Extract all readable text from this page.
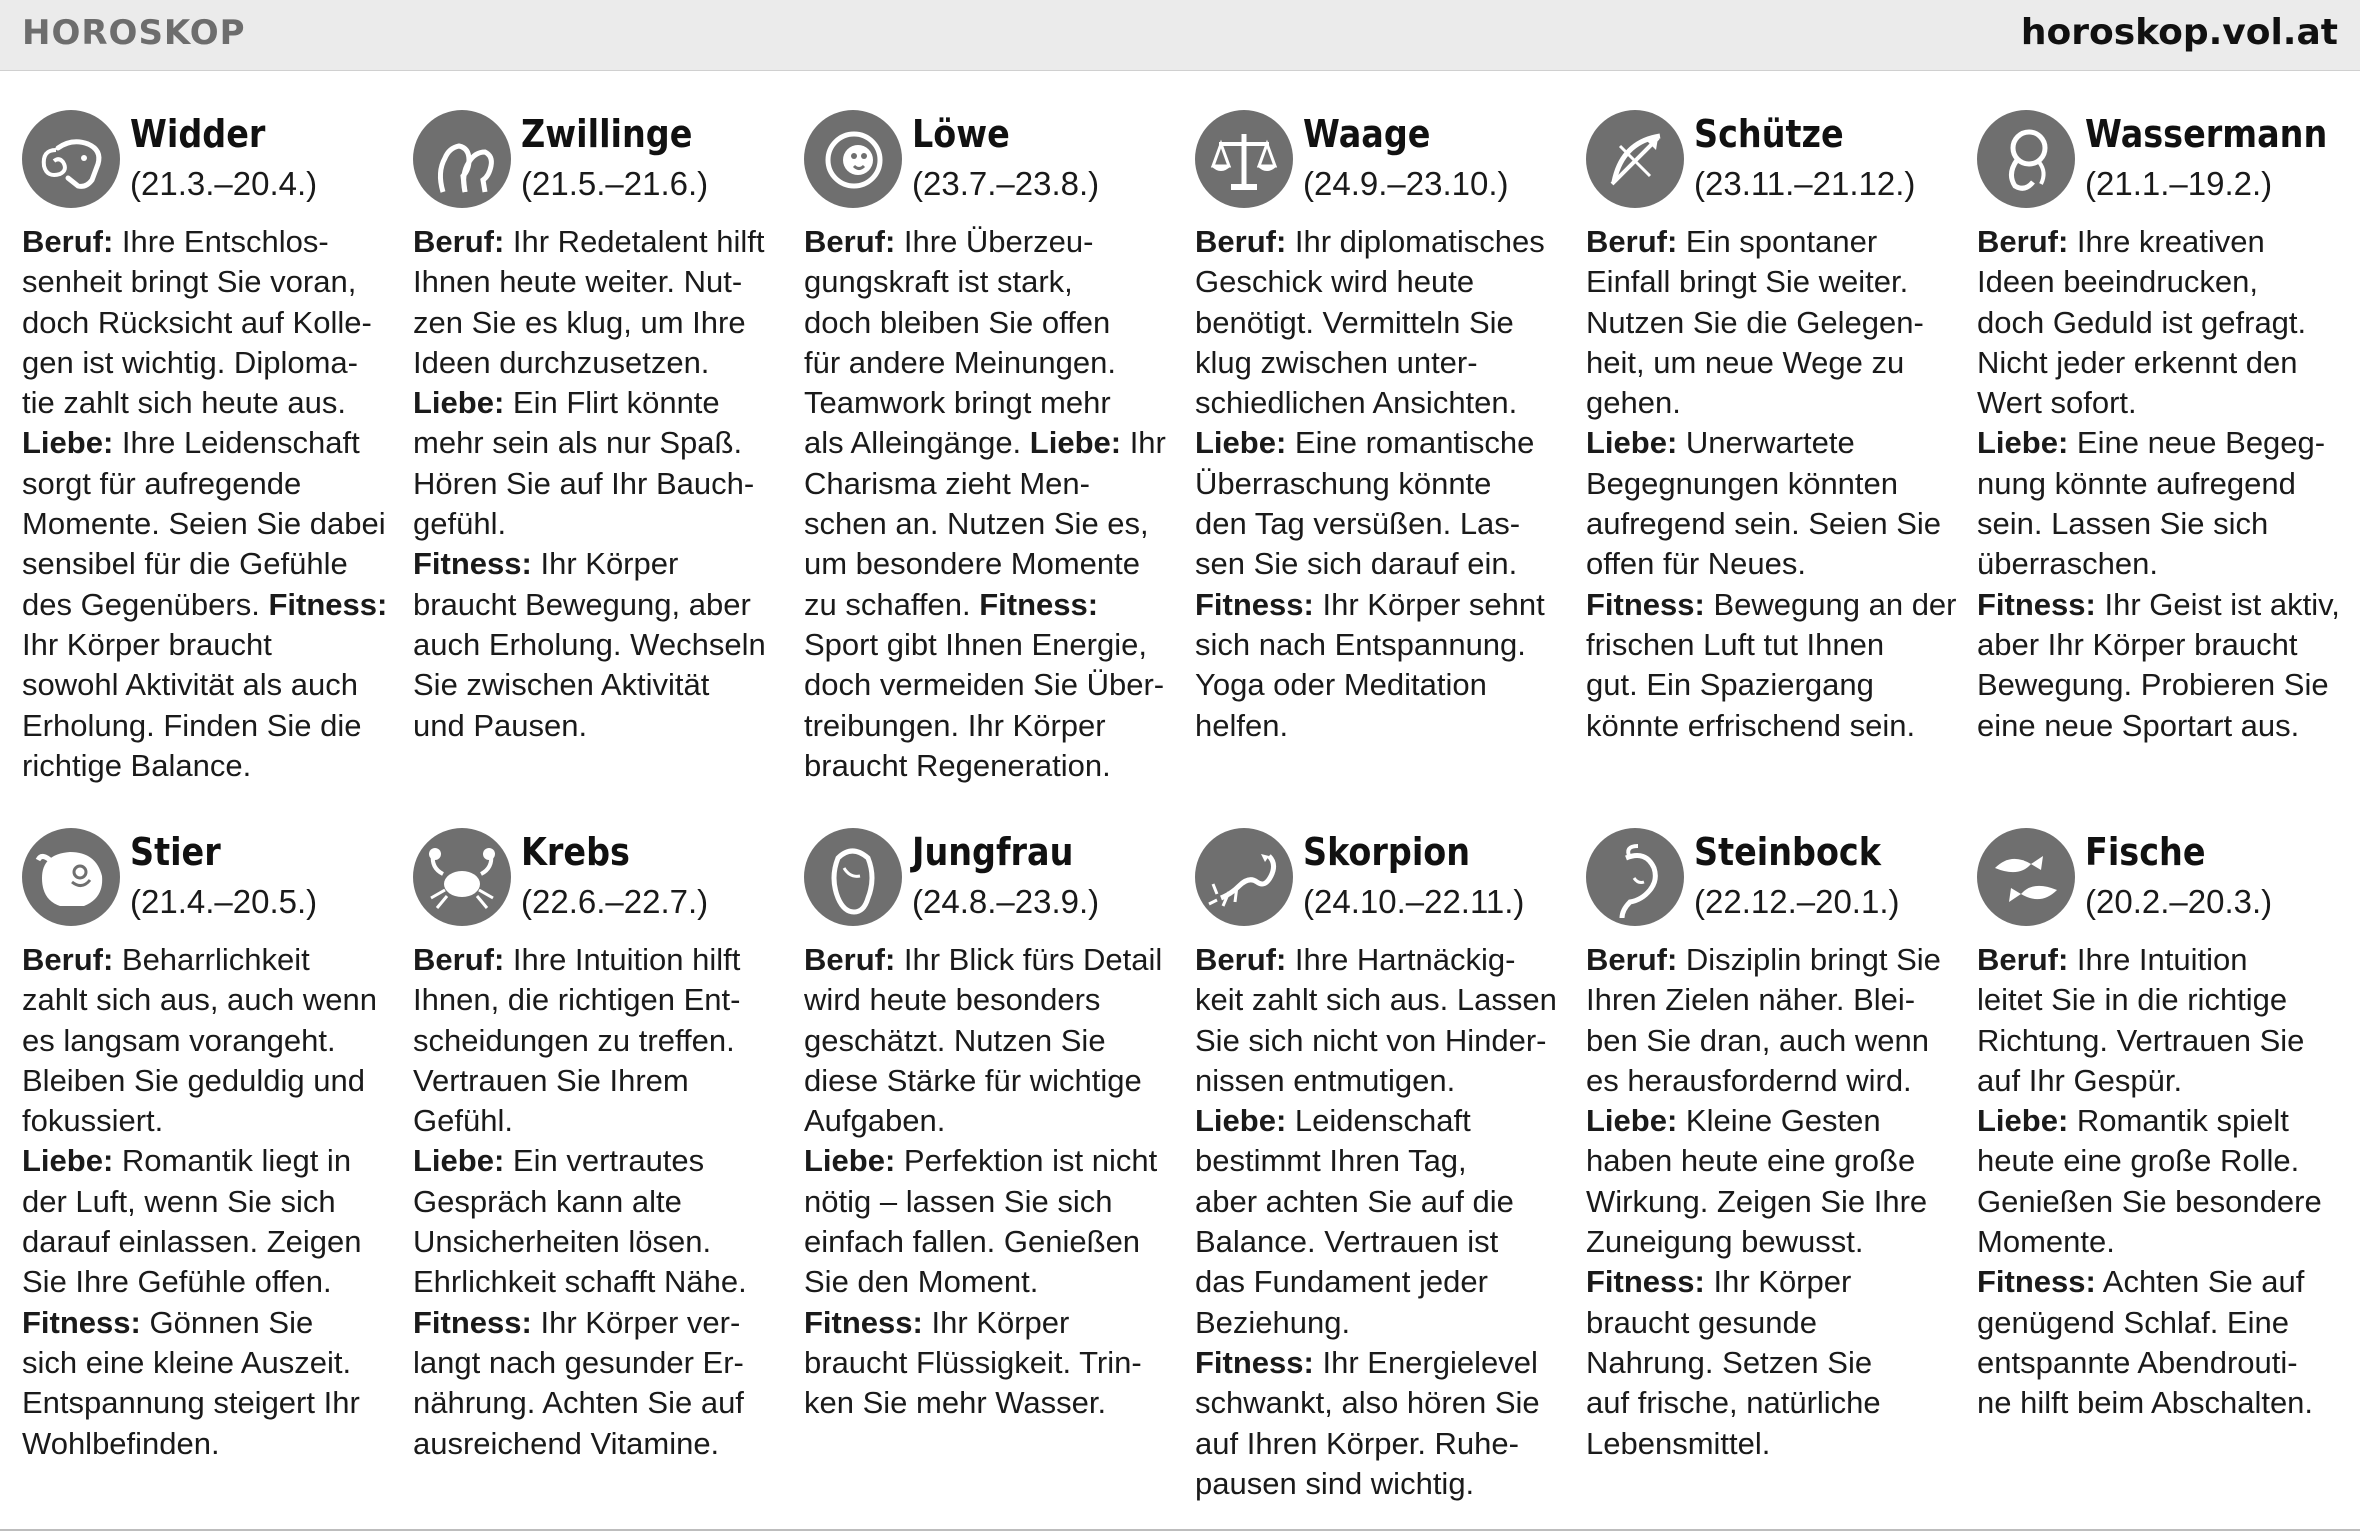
HOROSKOP	horoskop.vol.at
Widder
(21.3.–20.4.)
Beruf: Ihre Entschlos-
senheit bringt Sie voran,
doch Rücksicht auf Kolle-
gen ist wichtig. Diploma-
tie zahlt sich heute aus.
Liebe: Ihre Leidenschaft
sorgt für aufregende
Momente. Seien Sie dabei
sensibel für die Gefühle
des Gegenübers. Fitness:
Ihr Körper braucht
sowohl Aktivität als auch
Erholung. Finden Sie die
richtige Balance.
Zwillinge
(21.5.–21.6.)
Beruf: Ihr Redetalent hilft
Ihnen heute weiter. Nut-
zen Sie es klug, um Ihre
Ideen durchzusetzen.
Liebe: Ein Flirt könnte
mehr sein als nur Spaß.
Hören Sie auf Ihr Bauch-
gefühl.
Fitness: Ihr Körper
braucht Bewegung, aber
auch Erholung. Wechseln
Sie zwischen Aktivität
und Pausen.
Löwe
(23.7.–23.8.)
Beruf: Ihre Überzeu-
gungskraft ist stark,
doch bleiben Sie offen
für andere Meinungen.
Teamwork bringt mehr
als Alleingänge. Liebe: Ihr
Charisma zieht Men-
schen an. Nutzen Sie es,
um besondere Momente
zu schaffen. Fitness:
Sport gibt Ihnen Energie,
doch vermeiden Sie Über-
treibungen. Ihr Körper
braucht Regeneration.
Waage
(24.9.–23.10.)
Beruf: Ihr diplomatisches
Geschick wird heute
benötigt. Vermitteln Sie
klug zwischen unter-
schiedlichen Ansichten.
Liebe: Eine romantische
Überraschung könnte
den Tag versüßen. Las-
sen Sie sich darauf ein.
Fitness: Ihr Körper sehnt
sich nach Entspannung.
Yoga oder Meditation
helfen.
Schütze
(23.11.–21.12.)
Beruf: Ein spontaner
Einfall bringt Sie weiter.
Nutzen Sie die Gelegen-
heit, um neue Wege zu
gehen.
Liebe: Unerwartete
Begegnungen könnten
aufregend sein. Seien Sie
offen für Neues.
Fitness: Bewegung an der
frischen Luft tut Ihnen
gut. Ein Spaziergang
könnte erfrischend sein.
Wassermann
(21.1.–19.2.)
Beruf: Ihre kreativen
Ideen beeindrucken,
doch Geduld ist gefragt.
Nicht jeder erkennt den
Wert sofort.
Liebe: Eine neue Begeg-
nung könnte aufregend
sein. Lassen Sie sich
überraschen.
Fitness: Ihr Geist ist aktiv,
aber Ihr Körper braucht
Bewegung. Probieren Sie
eine neue Sportart aus.
Stier
(21.4.–20.5.)
Beruf: Beharrlichkeit
zahlt sich aus, auch wenn
es langsam vorangeht.
Bleiben Sie geduldig und
fokussiert.
Liebe: Romantik liegt in
der Luft, wenn Sie sich
darauf einlassen. Zeigen
Sie Ihre Gefühle offen.
Fitness: Gönnen Sie
sich eine kleine Auszeit.
Entspannung steigert Ihr
Wohlbefinden.
Krebs
(22.6.–22.7.)
Beruf: Ihre Intuition hilft
Ihnen, die richtigen Ent-
scheidungen zu treffen.
Vertrauen Sie Ihrem
Gefühl.
Liebe: Ein vertrautes
Gespräch kann alte
Unsicherheiten lösen.
Ehrlichkeit schafft Nähe.
Fitness: Ihr Körper ver-
langt nach gesunder Er-
nährung. Achten Sie auf
ausreichend Vitamine.
Jungfrau
(24.8.–23.9.)
Beruf: Ihr Blick fürs Detail
wird heute besonders
geschätzt. Nutzen Sie
diese Stärke für wichtige
Aufgaben.
Liebe: Perfektion ist nicht
nötig – lassen Sie sich
einfach fallen. Genießen
Sie den Moment.
Fitness: Ihr Körper
braucht Flüssigkeit. Trin-
ken Sie mehr Wasser.
Skorpion
(24.10.–22.11.)
Beruf: Ihre Hartnäckig-
keit zahlt sich aus. Lassen
Sie sich nicht von Hinder-
nissen entmutigen.
Liebe: Leidenschaft
bestimmt Ihren Tag,
aber achten Sie auf die
Balance. Vertrauen ist
das Fundament jeder
Beziehung.
Fitness: Ihr Energielevel
schwankt, also hören Sie
auf Ihren Körper. Ruhe-
pausen sind wichtig.
Steinbock
(22.12.–20.1.)
Beruf: Disziplin bringt Sie
Ihren Zielen näher. Blei-
ben Sie dran, auch wenn
es herausfordernd wird.
Liebe: Kleine Gesten
haben heute eine große
Wirkung. Zeigen Sie Ihre
Zuneigung bewusst.
Fitness: Ihr Körper
braucht gesunde
Nahrung. Setzen Sie
auf frische, natürliche
Lebensmittel.
Fische
(20.2.–20.3.)
Beruf: Ihre Intuition
leitet Sie in die richtige
Richtung. Vertrauen Sie
auf Ihr Gespür.
Liebe: Romantik spielt
heute eine große Rolle.
Genießen Sie besondere
Momente.
Fitness: Achten Sie auf
genügend Schlaf. Eine
entspannte Abendrouti-
ne hilft beim Abschalten.
